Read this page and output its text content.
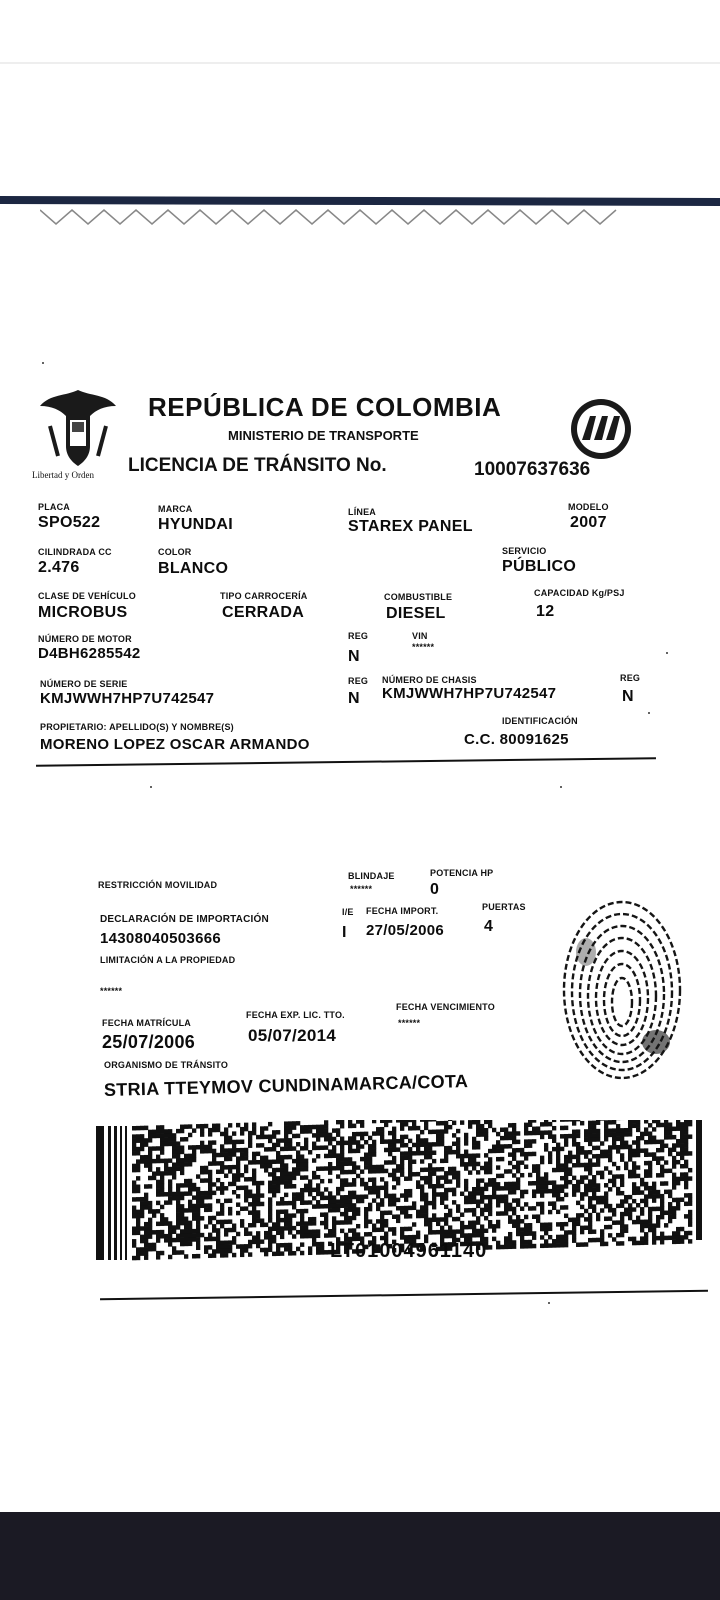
Libertad y Orden
REPÚBLICA DE COLOMBIA
MINISTERIO DE TRANSPORTE
LICENCIA DE TRÁNSITO No.	10007637636
PLACA
SPO522
MARCA
HYUNDAI
LÍNEA
STAREX PANEL
MODELO
2007
CILINDRADA CC
2.476
COLOR
BLANCO
SERVICIO
PÚBLICO
CLASE DE VEHÍCULO
MICROBUS
TIPO CARROCERÍA
CERRADA
COMBUSTIBLE
DIESEL
CAPACIDAD Kg/PSJ
12
NÚMERO DE MOTOR
D4BH6285542
REG
N
VIN
******
NÚMERO DE SERIE
KMJWWH7HP7U742547
REG
N
NÚMERO DE CHASIS
KMJWWH7HP7U742547
REG
N
PROPIETARIO: APELLIDO(S) Y NOMBRE(S)
MORENO LOPEZ OSCAR ARMANDO
IDENTIFICACIÓN
C.C. 80091625
RESTRICCIÓN MOVILIDAD
BLINDAJE
******
POTENCIA HP
0
DECLARACIÓN DE IMPORTACIÓN
14308040503666
I/E
I
FECHA IMPORT.
27/05/2006
PUERTAS
4
LIMITACIÓN A LA PROPIEDAD
******
FECHA MATRÍCULA
25/07/2006
FECHA EXP. LIC. TTO.
05/07/2014
FECHA VENCIMIENTO
******
ORGANISMO DE TRÁNSITO
STRIA TTEYMOV CUNDINAMARCA/COTA
LT01004961140
